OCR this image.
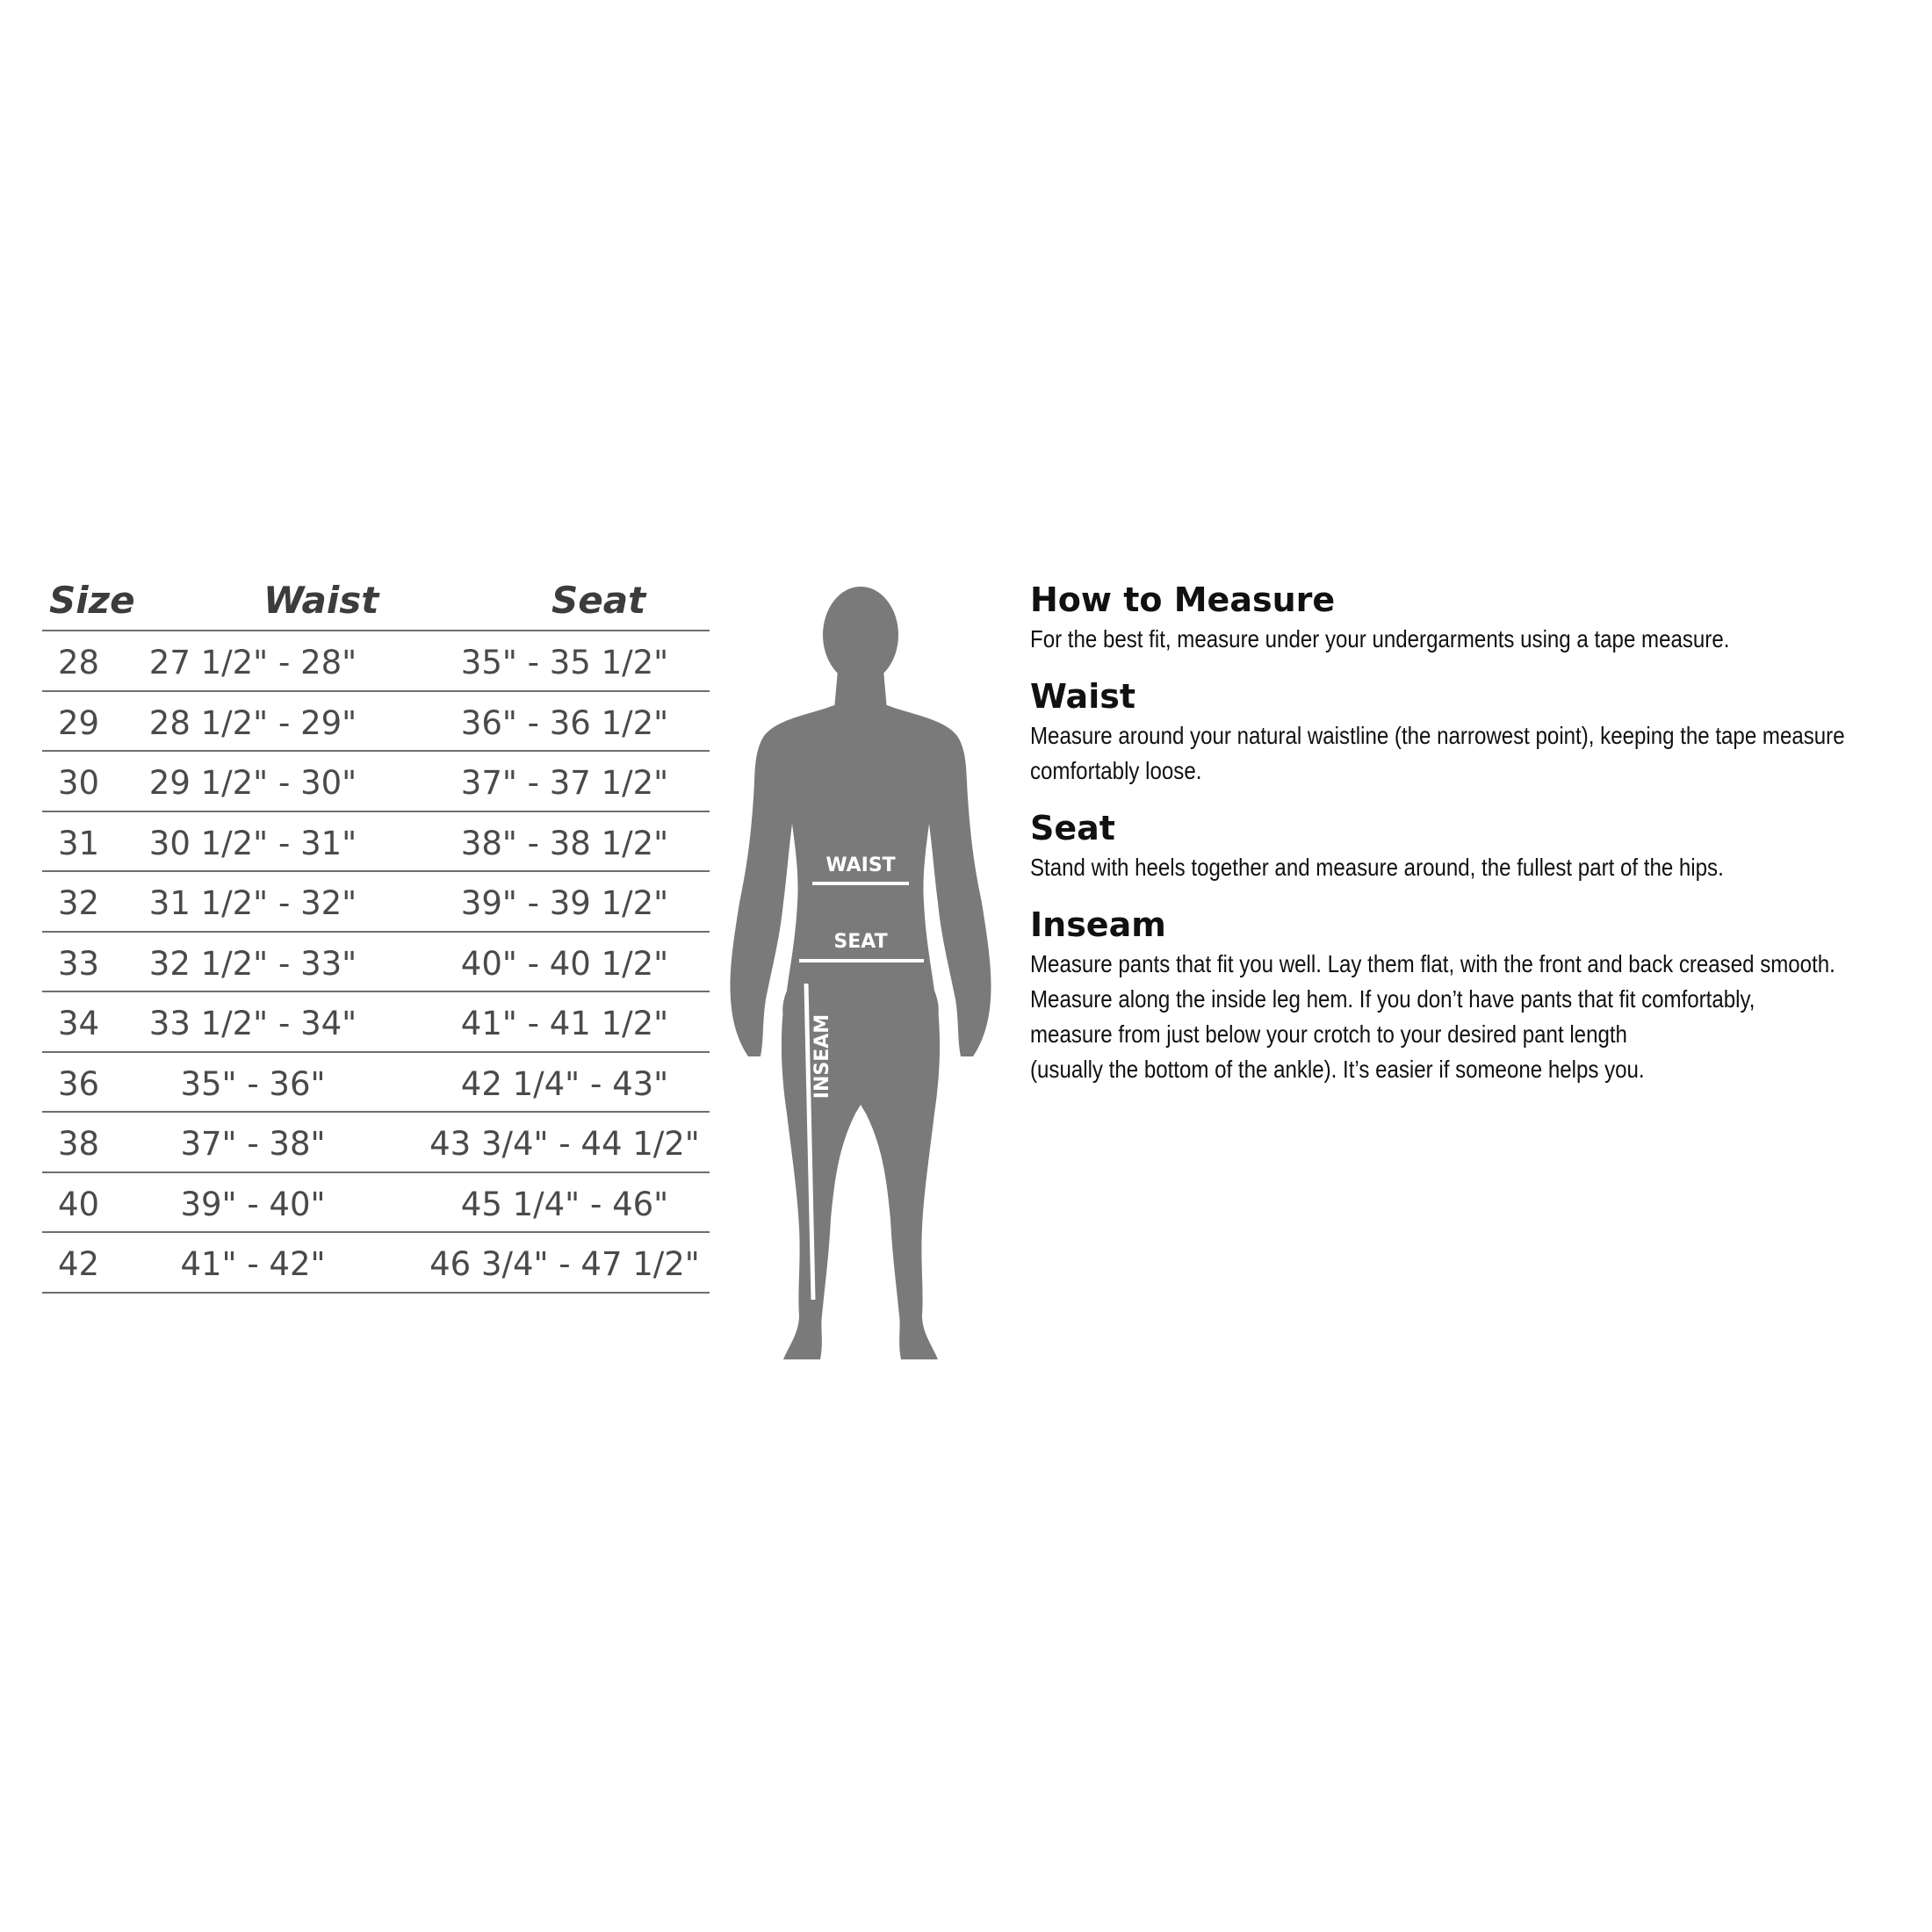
Size	Waist	Seat
28	27 1/2" - 28"	35" - 35 1/2"
29	28 1/2" - 29"	36" - 36 1/2"
30	29 1/2" - 30"	37" - 37 1/2"
31	30 1/2" - 31"	38" - 38 1/2"
32	31 1/2" - 32"	39" - 39 1/2"
33	32 1/2" - 33"	40" - 40 1/2"
34	33 1/2" - 34"	41" - 41 1/2"
36	35" - 36"	42 1/4" - 43"
38	37" - 38"	43 3/4" - 44 1/2"
40	39" - 40"	45 1/4" - 46"
42	41" - 42"	46 3/4" - 47 1/2"
WAIST
SEAT
INSEAM
How to Measure

For the best fit, measure under your undergarments using a tape measure.

Waist

Measure around your natural waistline (the narrowest point), keeping the tape measure

comfortably loose.

Seat

Stand with heels together and measure around, the fullest part of the hips.

Inseam

Measure pants that fit you well. Lay them flat, with the front and back creased smooth.

Measure along the inside leg hem. If you don’t have pants that fit comfortably,

measure from just below your crotch to your desired pant length

(usually the bottom of the ankle). It’s easier if someone helps you.
